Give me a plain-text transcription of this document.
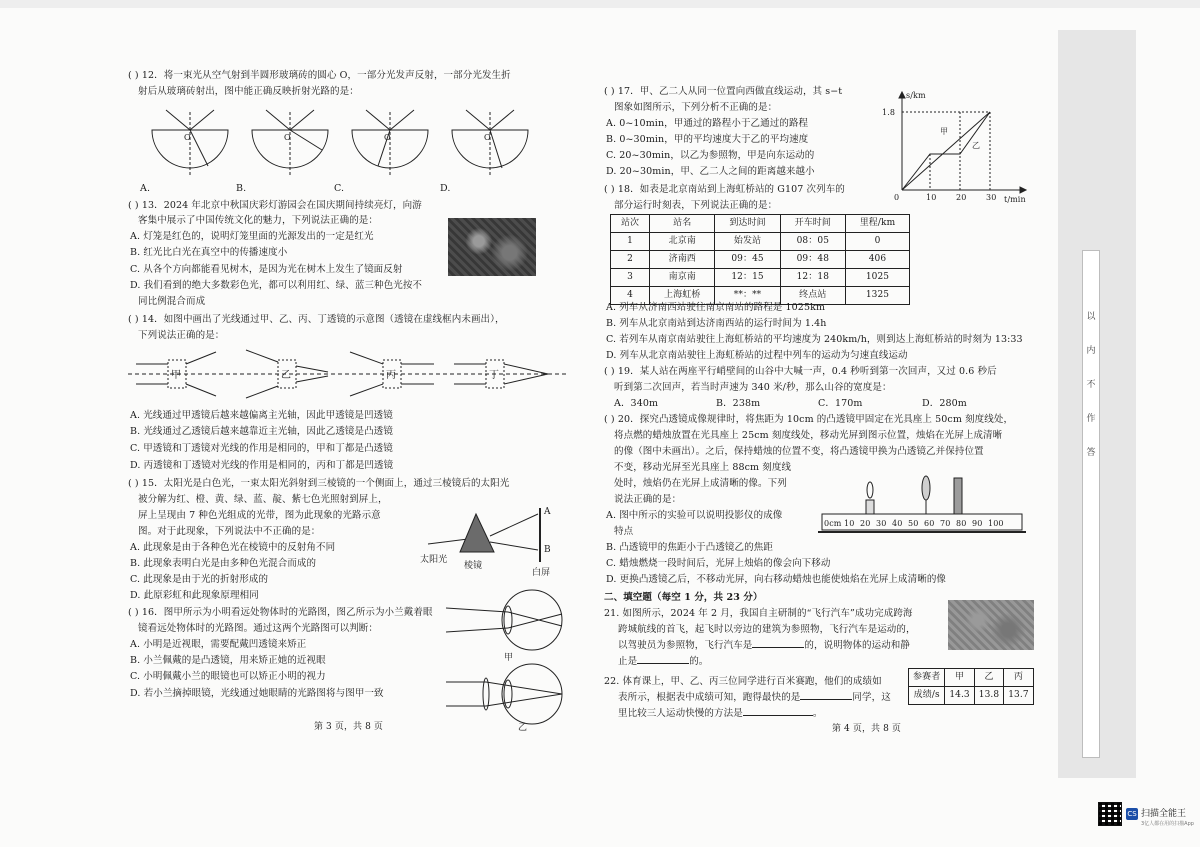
( ) 12．将一束光从空气射到半圆形玻璃砖的圆心 O，一部分光发声反射，一部分光发生折
射后从玻璃砖射出，图中能正确反映折射光路的是：
O	O	O	O
A.	B.	C.	D.
( ) 13．2024 年北京中秋国庆彩灯游园会在国庆期间持续亮灯，向游
客集中展示了中国传统文化的魅力，下列说法正确的是：
A. 灯笼是红色的，说明灯笼里面的光源发出的一定是红光
B. 红光比白光在真空中的传播速度小
C. 从各个方向都能看见树木，是因为光在树木上发生了镜面反射
D. 我们看到的绝大多数彩色光，都可以利用红、绿、蓝三种色光按不
同比例混合而成
( ) 14．如图中画出了光线通过甲、乙、丙、丁透镜的示意图（透镜在虚线框内未画出），
下列说法正确的是：
甲	乙	丙	丁
A. 光线通过甲透镜后越来越偏离主光轴，因此甲透镜是凹透镜
B. 光线通过乙透镜后越来越靠近主光轴，因此乙透镜是凸透镜
C. 甲透镜和丁透镜对光线的作用是相同的，甲和丁都是凸透镜
D. 丙透镜和丁透镜对光线的作用是相同的，丙和丁都是凹透镜
( ) 15．太阳光是白色光，一束太阳光斜射到三棱镜的一个侧面上，通过三棱镜后的太阳光
被分解为红、橙、黄、绿、蓝、靛、紫七色光照射到屏上，
屏上呈现由 7 种色光组成的光带，图为此现象的光路示意
图。对于此现象，下列说法中不正确的是：
A
B
太阳光
棱镜
白屏
A. 此现象是由于各种色光在棱镜中的反射角不同
B. 此现象表明白光是由多种色光混合而成的
C. 此现象是由于光的折射形成的
D. 此原彩虹和此现象原理相同
( ) 16．图甲所示为小明看远处物体时的光路图，图乙所示为小兰戴着眼
镜看远处物体时的光路图。通过这两个光路图可以判断：
甲
乙
A. 小明是近视眼，需要配戴凹透镜来矫正
B. 小兰佩戴的是凸透镜，用来矫正她的近视眼
C. 小明佩戴小兰的眼镜也可以矫正小明的视力
D. 若小兰摘掉眼镜，光线通过她眼睛的光路图将与图甲一致
第 3 页，共 8 页
( ) 17．甲、乙二人从同一位置向西做直线运动，其 s−t
图象如图所示，下列分析不正确的是：
A. 0~10min，甲通过的路程小于乙通过的路程
B. 0~30min，甲的平均速度大于乙的平均速度
C. 20~30min，以乙为参照物，甲是向东运动的
D. 20~30min，甲、乙二人之间的距离越来越小
s/km
t/min
1.8
0	10 20 30
甲
乙
( ) 18．如表是北京南站到上海虹桥站的 G107 次列车的
部分运行时刻表，下列说法正确的是：
站次	站名	到达时间	开车时间	里程/km
1	北京南	始发站	08：05	0
2	济南西	09：45	09：48	406
3	南京南	12：15	12：18	1025
4	上海虹桥	**：**	终点站	1325
A. 列车从济南西站驶往南京南站的路程是 1025km
B. 列车从北京南站到达济南西站的运行时间为 1.4h
C. 若列车从南京南站驶往上海虹桥站的平均速度为 240km/h，则到达上海虹桥站的时刻为 13:33
D. 列车从北京南站驶往上海虹桥站的过程中列车的运动为匀速直线运动
( ) 19．某人站在两座平行峭壁间的山谷中大喊一声，0.4 秒听到第一次回声，又过 0.6 秒后
听到第二次回声，若当时声速为 340 米/秒，那么山谷的宽度是：
A．340m	B．238m	C．170m	D．280m
( ) 20．探究凸透镜成像规律时，将焦距为 10cm 的凸透镜甲固定在光具座上 50cm 刻度线处，
将点燃的蜡烛放置在光具座上 25cm 刻度线处，移动光屏到图示位置，烛焰在光屏上成清晰
的像（图中未画出）。之后，保持蜡烛的位置不变，将凸透镜甲换为凸透镜乙并保持位置
不变，移动光屏至光具座上 88cm 刻度线
处时，烛焰仍在光屏上成清晰的像。下列
说法正确的是：
A. 图中所示的实验可以说明投影仪的成像
特点
0cm 10 20 30 40 50 60 70 80 90 100
B. 凸透镜甲的焦距小于凸透镜乙的焦距
C. 蜡烛燃烧一段时间后，光屏上烛焰的像会向下移动
D. 更换凸透镜乙后，不移动光屏，向右移动蜡烛也能使烛焰在光屏上成清晰的像
二、填空题（每空 1 分，共 23 分）
21. 如图所示，2024 年 2 月，我国自主研制的“飞行汽车”成功完成跨海
跨城航线的首飞，起飞时以旁边的建筑为参照物，飞行汽车是运动的，
以驾驶员为参照物，飞行汽车是	的，说明物体的运动和静
止是	的。
22. 体育课上，甲、乙、丙三位同学进行百米赛跑，他们的成绩如
表所示，根据表中成绩可知，跑得最快的是	同学，这
里比较三人运动快慢的方法是	。
参赛者	甲	乙	丙
成绩/s	14.3	13.8	13.7
第 4 页，共 8 页
以
内
不
作
答
CS 扫描全能王
3亿人都在用的扫描App
